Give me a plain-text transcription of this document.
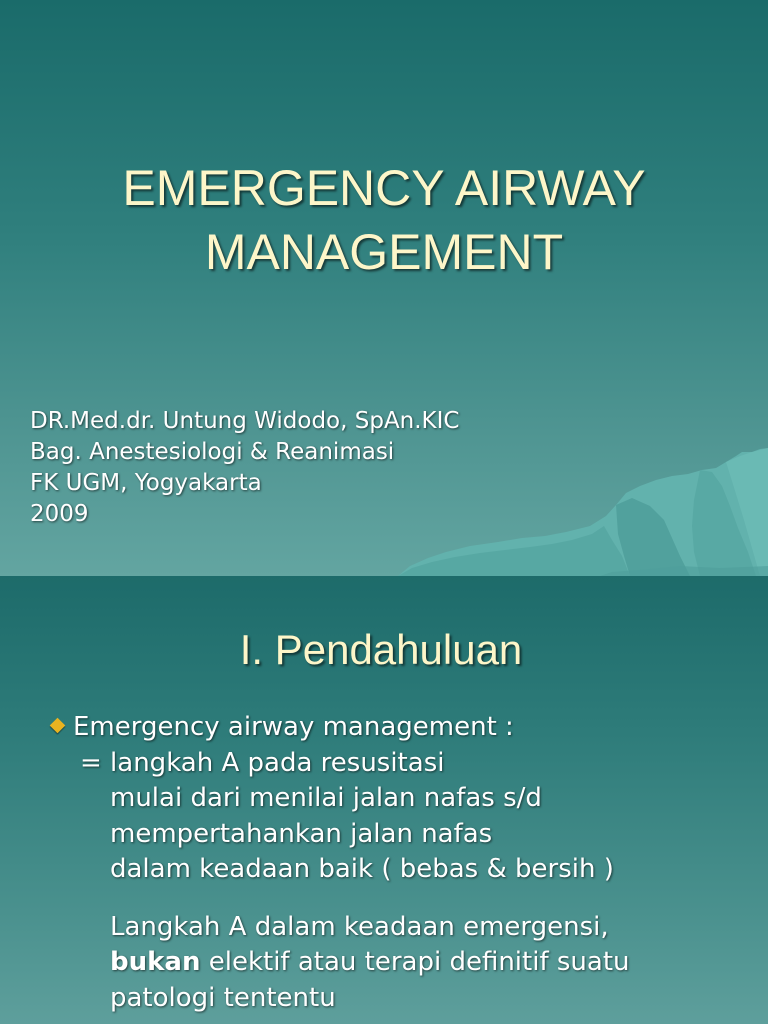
EMERGENCY AIRWAY
MANAGEMENT
DR.Med.dr. Untung Widodo, SpAn.KIC
Bag. Anestesiologi & Reanimasi
FK UGM, Yogyakarta
2009
I. Pendahuluan
Emergency airway management :
= langkah A pada resusitasi
mulai dari menilai jalan nafas s/d
mempertahankan jalan nafas
dalam keadaan baik ( bebas & bersih )
Langkah A dalam keadaan emergensi,
bukan elektif atau terapi definitif suatu
patologi tententu
